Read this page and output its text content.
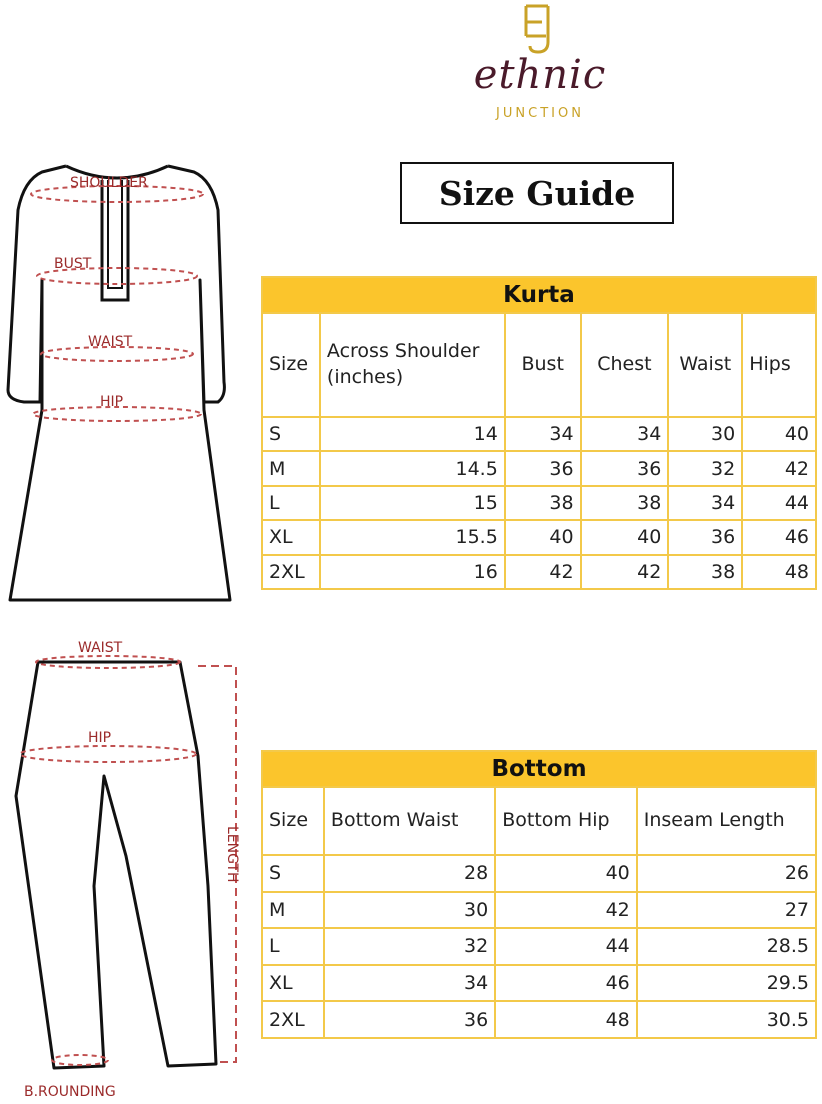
ethnic
JUNCTION
Size Guide
SHOULDER
BUST
WAIST
HIP
WAIST
HIP
LENGTH
B.ROUNDING
Kurta					
Size	Across Shoulder (inches)	Bust	Chest	Waist	Hips
S	14	34	34	30	40
M	14.5	36	36	32	42
L	15	38	38	34	44
XL	15.5	40	40	36	46
2XL	16	42	42	38	48
Bottom			
Size	Bottom Waist	Bottom Hip	Inseam Length
S	28	40	26
M	30	42	27
L	32	44	28.5
XL	34	46	29.5
2XL	36	48	30.5
